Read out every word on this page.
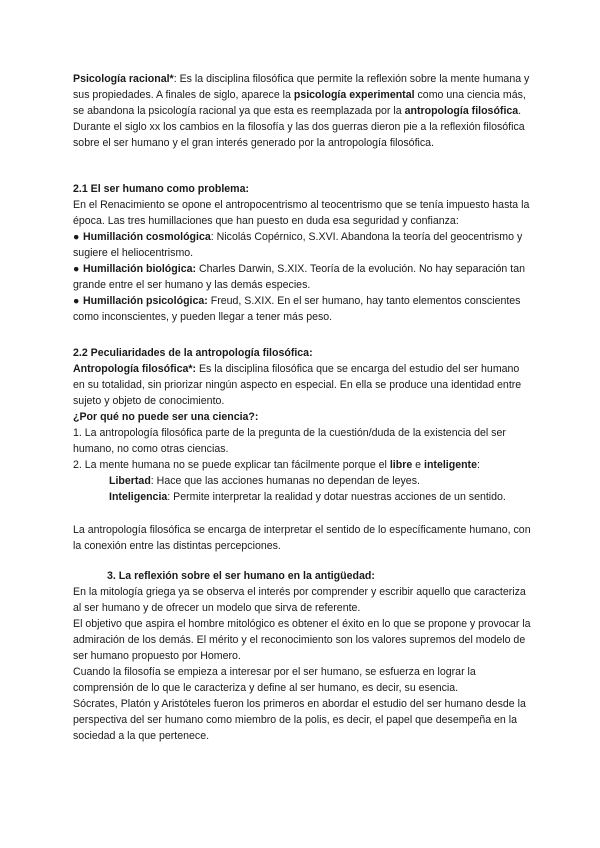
Psicología racional*: Es la disciplina filosófica que permite la reflexión sobre la mente humana y sus propiedades. A finales de siglo, aparece la psicología experimental como una ciencia más, se abandona la psicología racional ya que esta es reemplazada por la antropología filosófica. Durante el siglo xx los cambios en la filosofía y las dos guerras dieron pie a la reflexión filosófica sobre el ser humano y el gran interés generado por la antropología filosófica.

2.1 El ser humano como problema:

En el Renacimiento se opone el antropocentrismo al teocentrismo que se tenía impuesto hasta la época. Las tres humillaciones que han puesto en duda esa seguridad y confianza:

● Humillación cosmológica: Nicolás Copérnico, S.XVI. Abandona la teoría del geocentrismo y sugiere el heliocentrismo.

● Humillación biológica: Charles Darwin, S.XIX. Teoría de la evolución. No hay separación tan grande entre el ser humano y las demás especies.

● Humillación psicológica: Freud, S.XIX. En el ser humano, hay tanto elementos conscientes como inconscientes, y pueden llegar a tener más peso.

2.2 Peculiaridades de la antropología filosófica:

Antropología filosófica*: Es la disciplina filosófica que se encarga del estudio del ser humano en su totalidad, sin priorizar ningún aspecto en especial. En ella se produce una identidad entre sujeto y objeto de conocimiento.

¿Por qué no puede ser una ciencia?:

1. La antropología filosófica parte de la pregunta de la cuestión/duda de la existencia del ser humano, no como otras ciencias.

2. La mente humana no se puede explicar tan fácilmente porque el libre e inteligente:

Libertad: Hace que las acciones humanas no dependan de leyes.

Inteligencia: Permite interpretar la realidad y dotar nuestras acciones de un sentido.

La antropología filosófica se encarga de interpretar el sentido de lo específicamente humano, con la conexión entre las distintas percepciones.

3. La reflexión sobre el ser humano en la antigüedad:

En la mitología griega ya se observa el interés por comprender y escribir aquello que caracteriza al ser humano y de ofrecer un modelo que sirva de referente.

El objetivo que aspira el hombre mitológico es obtener el éxito en lo que se propone y provocar la admiración de los demás. El mérito y el reconocimiento son los valores supremos del modelo de ser humano propuesto por Homero.

Cuando la filosofía se empieza a interesar por el ser humano, se esfuerza en lograr la comprensión de lo que le caracteriza y define al ser humano, es decir, su esencia.

Sócrates, Platón y Aristóteles fueron los primeros en abordar el estudio del ser humano desde la perspectiva del ser humano como miembro de la polis, es decir, el papel que desempeña en la sociedad a la que pertenece.
